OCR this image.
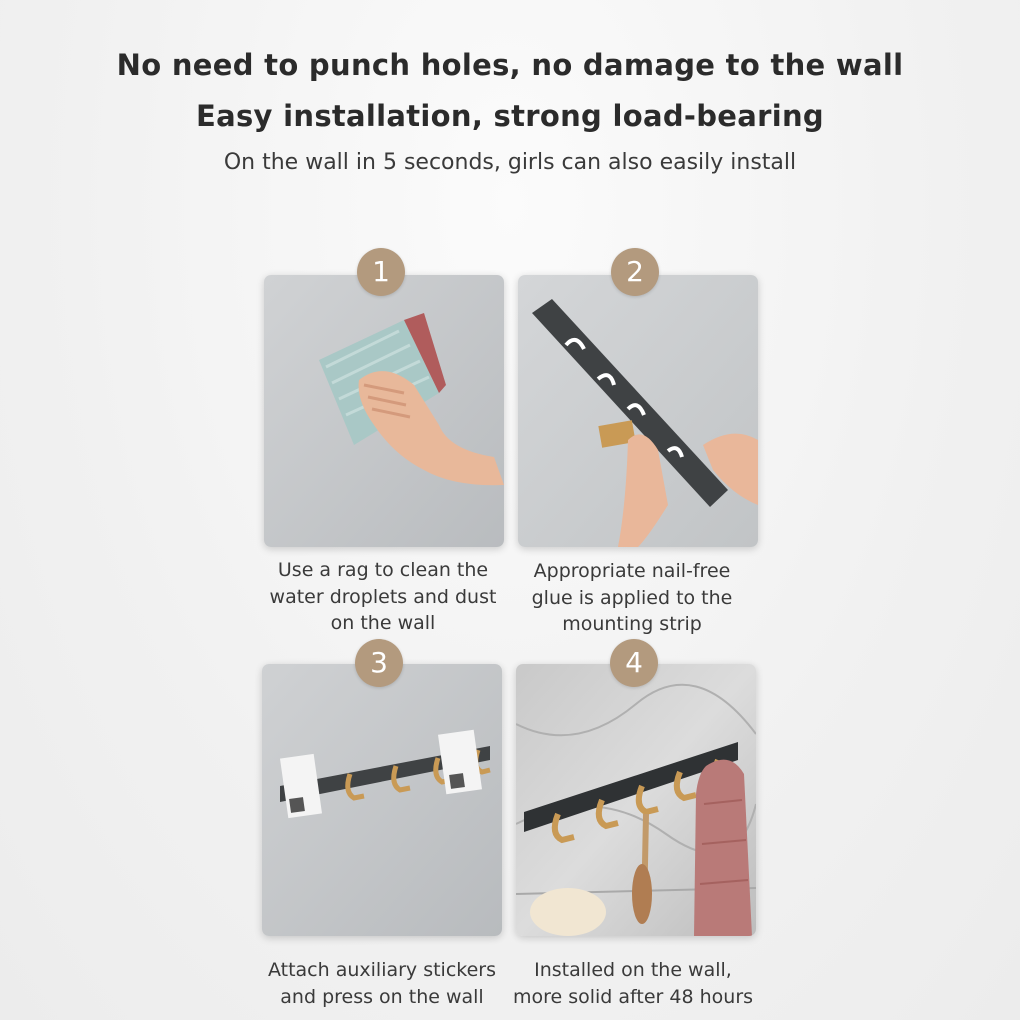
No need to punch holes, no damage to the wall
Easy installation, strong load-bearing

On the wall in 5 seconds, girls can also easily install

1
Use a rag to clean the
water droplets and dust
on the wall
2
Appropriate nail-free
glue is applied to the
mounting strip
3
Attach auxiliary stickers
and press on the wall
4
Installed on the wall,
more solid after 48 hours
